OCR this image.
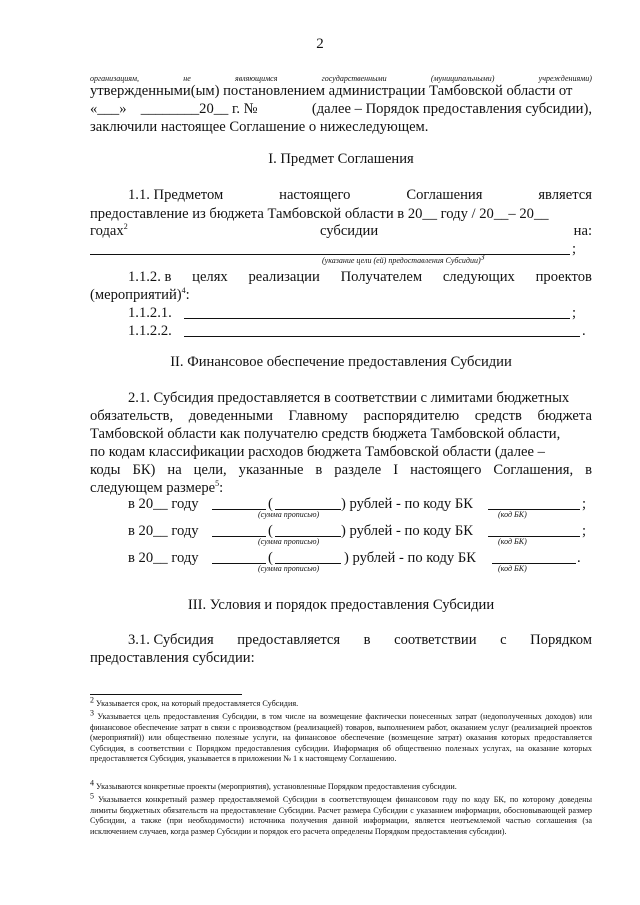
2
организациям,	не	являющимся	государственными	(муниципальными)	учреждениями)
утвержденными(ым) постановлением администрации Тамбовской области от
«___» ________20__ г. №	(далее – Порядок предоставления субсидии),
заключили настоящее Соглашение о нижеследующем.
I. Предмет Соглашения
1.1. Предметом	настоящего	Соглашения	является
предоставление из бюджета Тамбовской области в 20__ году / 20__– 20__
годах$^2$	субсидии	на:
;
(указание цели (ей) предоставления Субсидии)$^3$
1.1.2. в целях реализации Получателем следующих проектов
(мероприятий)$^4$:
1.1.2.1.	;
1.1.2.2.	.
II. Финансовое обеспечение предоставления Субсидии
2.1. Субсидия предоставляется в соответствии с лимитами бюджетных
обязательств, доведенными Главному распорядителю средств бюджета
Тамбовской области как получателю средств бюджета Тамбовской области,
по кодам классификации расходов бюджета Тамбовской области (далее –
коды БК) на цели, указанные в разделе I настоящего Соглашения, в
следующем размере$^5$:
в 20__ году	(	) рублей - по коду БК	;
(сумма прописью)	(код БК)
в 20__ году	(	) рублей - по коду БК	;
(сумма прописью)	(код БК)
в 20__ году	(	) рублей - по коду БК	.
(сумма прописью)	(код БК)
III. Условия и порядок предоставления Субсидии
3.1. Субсидия предоставляется в соответствии с Порядком
предоставления субсидии:
$^2$ Указывается срок, на который предоставляется Субсидия.
$^3$ Указывается цель предоставления Субсидии, в том числе на возмещение фактически понесенных затрат (недополученных доходов) или финансовое обеспечение затрат в связи с производством (реализацией) товаров, выполнением работ, оказанием услуг (реализацией проектов (мероприятий)) или общественно полезные услуги, на финансовое обеспечение (возмещение затрат) оказания которых предоставляется Субсидия, в соответствии с Порядком предоставления субсидии. Информация об общественно полезных услугах, на оказание которых предоставляется Субсидия, указывается в приложении № 1 к настоящему Соглашению.
$^4$ Указываются конкретные проекты (мероприятия), установленные Порядком предоставления субсидии.
$^5$ Указывается конкретный размер предоставляемой Субсидии в соответствующем финансовом году по коду БК, по которому доведены лимиты бюджетных обязательств на предоставление Субсидии. Расчет размера Субсидии с указанием информации, обосновывающей размер Субсидии, а также (при необходимости) источника получения данной информации, является неотъемлемой частью соглашения (за исключением случаев, когда размер Субсидии и порядок его расчета определены Порядком предоставления субсидии).
